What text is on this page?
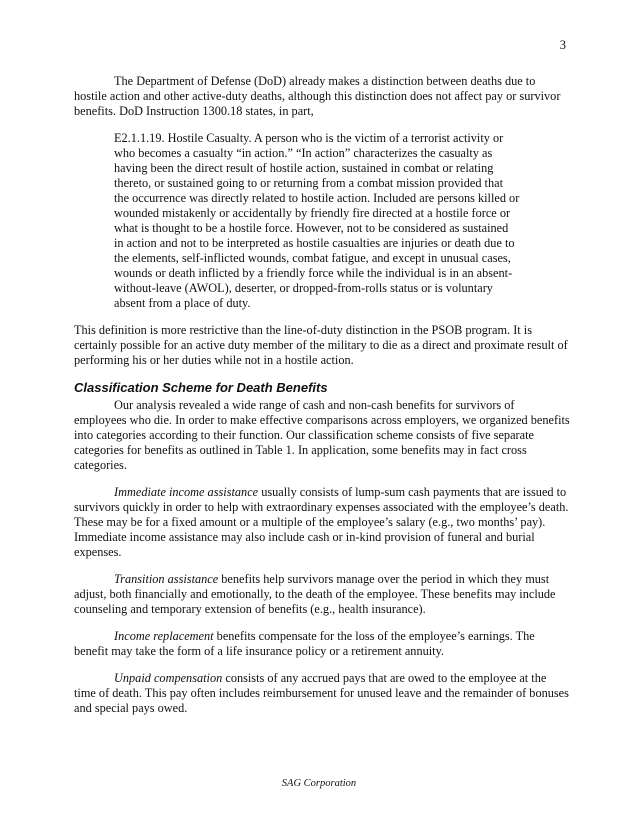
3

The Department of Defense (DoD) already makes a distinction between deaths due to hostile action and other active-duty deaths, although this distinction does not affect pay or survivor benefits. DoD Instruction 1300.18 states, in part,

E2.1.1.19. Hostile Casualty. A person who is the victim of a terrorist activity or who becomes a casualty “in action.” “In action” characterizes the casualty as having been the direct result of hostile action, sustained in combat or relating thereto, or sustained going to or returning from a combat mission provided that the occurrence was directly related to hostile action. Included are persons killed or wounded mistakenly or accidentally by friendly fire directed at a hostile force or what is thought to be a hostile force. However, not to be considered as sustained in action and not to be interpreted as hostile casualties are injuries or death due to the elements, self-inflicted wounds, combat fatigue, and except in unusual cases, wounds or death inflicted by a friendly force while the individual is in an absent-without-leave (AWOL), deserter, or dropped-from-rolls status or is voluntary absent from a place of duty.

This definition is more restrictive than the line-of-duty distinction in the PSOB program. It is certainly possible for an active duty member of the military to die as a direct and proximate result of performing his or her duties while not in a hostile action.

Classification Scheme for Death Benefits

Our analysis revealed a wide range of cash and non-cash benefits for survivors of employees who die. In order to make effective comparisons across employers, we organized benefits into categories according to their function. Our classification scheme consists of five separate categories for benefits as outlined in Table 1. In application, some benefits may in fact cross categories.

Immediate income assistance usually consists of lump-sum cash payments that are issued to survivors quickly in order to help with extraordinary expenses associated with the employee’s death. These may be for a fixed amount or a multiple of the employee’s salary (e.g., two months’ pay). Immediate income assistance may also include cash or in-kind provision of funeral and burial expenses.

Transition assistance benefits help survivors manage over the period in which they must adjust, both financially and emotionally, to the death of the employee. These benefits may include counseling and temporary extension of benefits (e.g., health insurance).

Income replacement benefits compensate for the loss of the employee’s earnings. The benefit may take the form of a life insurance policy or a retirement annuity.

Unpaid compensation consists of any accrued pays that are owed to the employee at the time of death. This pay often includes reimbursement for unused leave and the remainder of bonuses and special pays owed.

SAG Corporation
